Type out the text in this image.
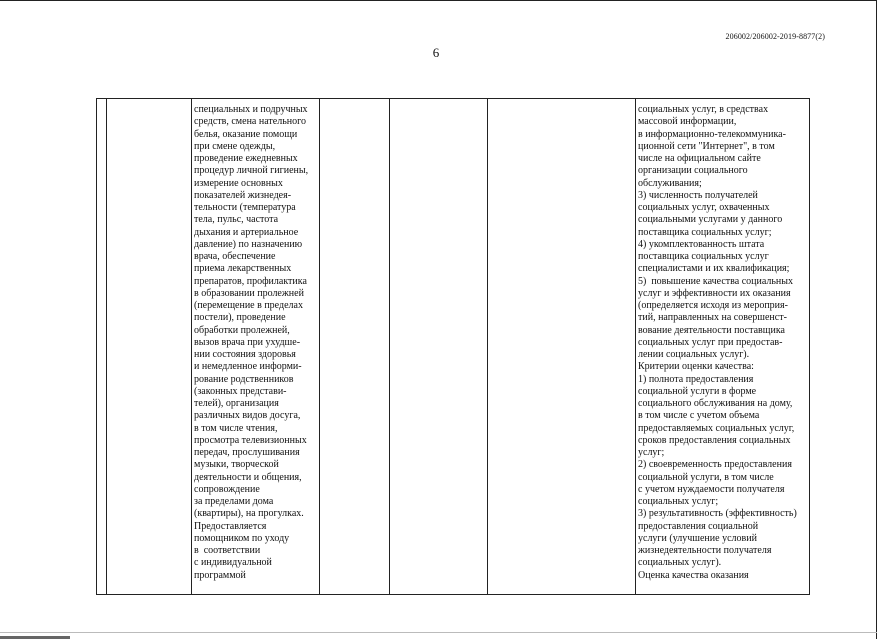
206002/206002-2019-8877(2)
6
специальных и подручных
средств, смена нательного
белья, оказание помощи
при смене одежды,
проведение ежедневных
процедур личной гигиены,
измерение основных
показателей жизнедея-
тельности (температура
тела, пульс, частота
дыхания и артериальное
давление) по назначению
врача, обеспечение
приема лекарственных
препаратов, профилактика
в образовании пролежней
(перемещение в пределах
постели), проведение
обработки пролежней,
вызов врача при ухудше-
нии состояния здоровья
и немедленное информи-
рование родственников
(законных представи-
телей), организация
различных видов досуга,
в том числе чтения,
просмотра телевизионных
передач, прослушивания
музыки, творческой
деятельности и общения,
сопровождение
за пределами дома
(квартиры), на прогулках.
Предоставляется
помощником по уходу
в  соответствии
с индивидуальной
программой
социальных услуг, в средствах
массовой информации,
в информационно-телекоммуника-
ционной сети "Интернет", в том
числе на официальном сайте
организации социального
обслуживания;
3) численность получателей
социальных услуг, охваченных
социальными услугами у данного
поставщика социальных услуг;
4) укомплектованность штата
поставщика социальных услуг
специалистами и их квалификация;
5)  повышение качества социальных
услуг и эффективности их оказания
(определяется исходя из мероприя-
тий, направленных на совершенст-
вование деятельности поставщика
социальных услуг при предостав-
лении социальных услуг).
Критерии оценки качества:
1) полнота предоставления
социальной услуги в форме
социального обслуживания на дому,
в том числе с учетом объема
предоставляемых социальных услуг,
сроков предоставления социальных
услуг;
2) своевременность предоставления
социальной услуги, в том числе
с учетом нуждаемости получателя
социальных услуг;
3) результативность (эффективность)
предоставления социальной
услуги (улучшение условий
жизнедеятельности получателя
социальных услуг).
Оценка качества оказания
